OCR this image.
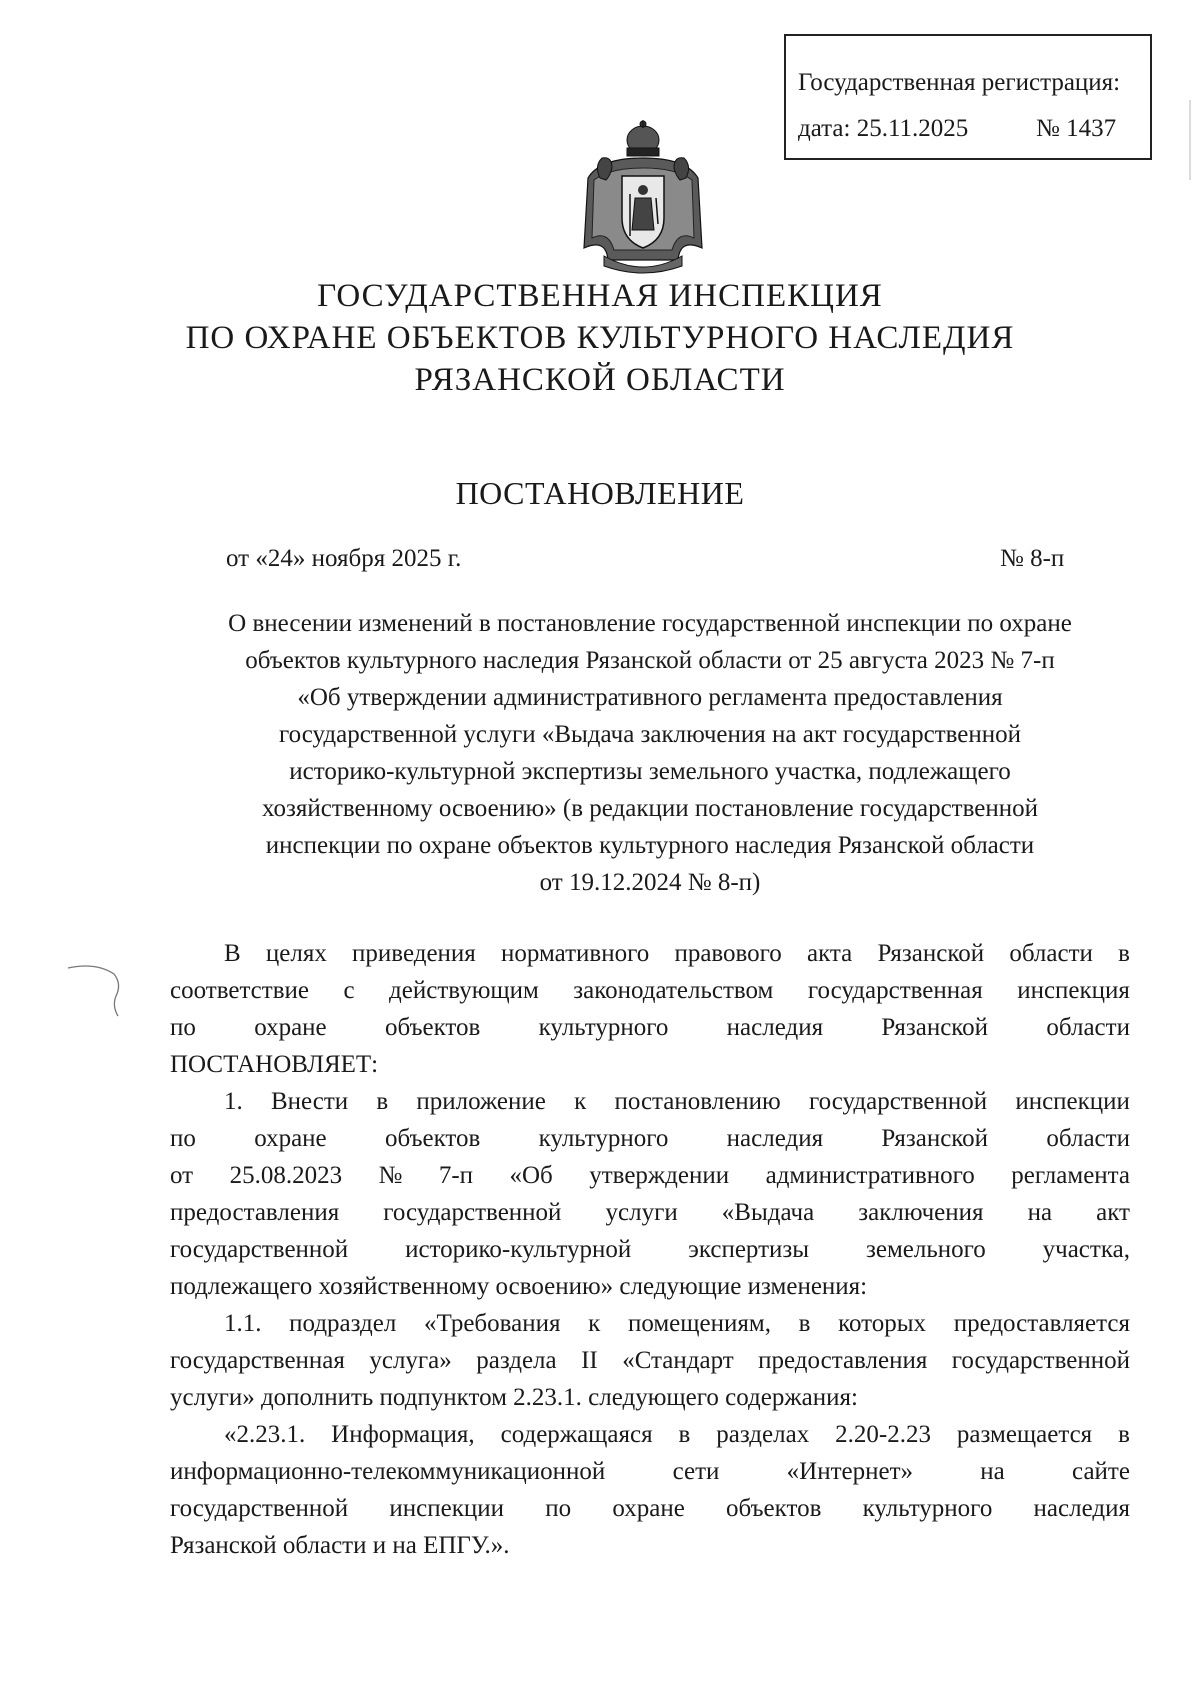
Государственная регистрация:
дата: 25.11.2025	№ 1437
ГОСУДАРСТВЕННАЯ ИНСПЕКЦИЯ
ПО ОХРАНЕ ОБЪЕКТОВ КУЛЬТУРНОГО НАСЛЕДИЯ
РЯЗАНСКОЙ ОБЛАСТИ
ПОСТАНОВЛЕНИЕ
от «24» ноября 2025 г.	№ 8-п
О внесении изменений в постановление государственной инспекции по охране
объектов культурного наследия Рязанской области от 25 августа 2023 № 7-п
«Об утверждении административного регламента предоставления
государственной услуги «Выдача заключения на акт государственной
историко-культурной экспертизы земельного участка, подлежащего
хозяйственному освоению» (в редакции постановление государственной
инспекции по охране объектов культурного наследия Рязанской области
от 19.12.2024 № 8-п)
В целях приведения нормативного правового акта Рязанской области в
соответствие с действующим законодательством государственная инспекция
по охране объектов культурного наследия Рязанской области
ПОСТАНОВЛЯЕТ:
1. Внести в приложение к постановлению государственной инспекции
по охране объектов культурного наследия Рязанской области
от 25.08.2023 № 7-п «Об утверждении административного регламента
предоставления государственной услуги «Выдача заключения на акт
государственной историко-культурной экспертизы земельного участка,
подлежащего хозяйственному освоению» следующие изменения:
1.1. подраздел «Требования к помещениям, в которых предоставляется
государственная услуга» раздела II «Стандарт предоставления государственной
услуги» дополнить подпунктом 2.23.1. следующего содержания:
«2.23.1. Информация, содержащаяся в разделах 2.20-2.23 размещается в
информационно-телекоммуникационной	сети	«Интернет»	на	сайте
государственной инспекции по охране объектов культурного наследия
Рязанской области и на ЕПГУ.».
